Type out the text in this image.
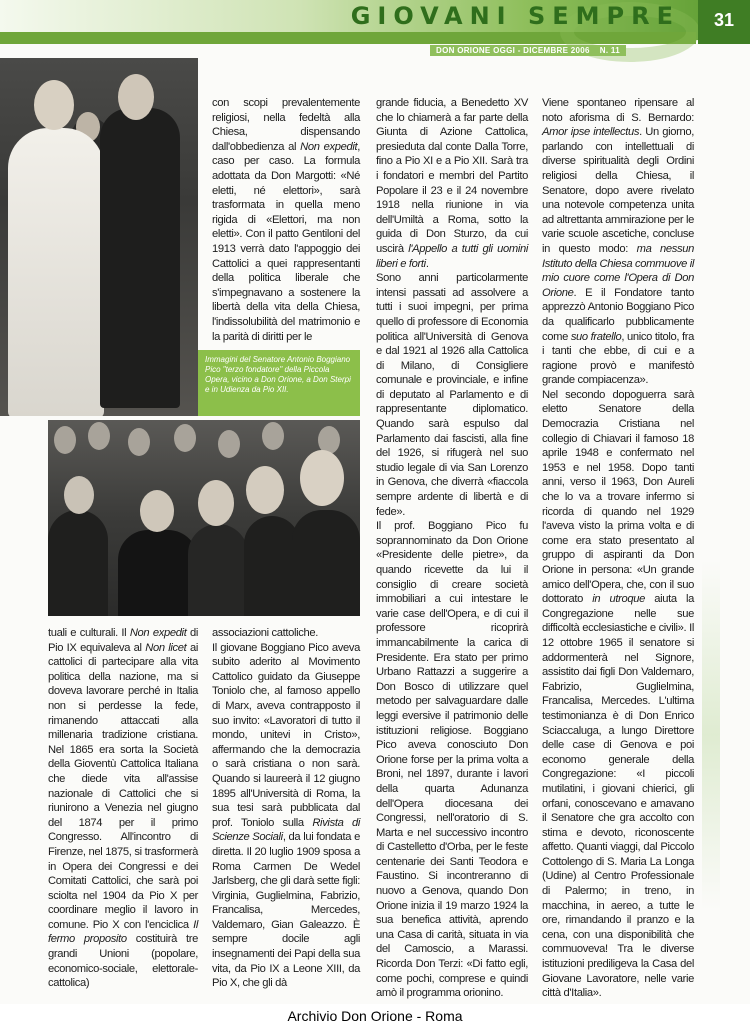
GIOVANI SEMPRE	31
DON ORIONE OGGI - DICEMBRE 2006 N. 11
Immagini del Senatore Antonio Boggiano Pico "terzo fondatore" della Piccola Opera, vicino a Don Orione, a Don Sterpi e in Udienza da Pio XII.

con scopi prevalentemente religiosi, nella fedeltà alla Chiesa, dispensando dall'obbedienza al Non expedit, caso per caso. La formula adottata da Don Margotti: «Né eletti, né elettori», sarà trasformata in quella meno rigida di «Elettori, ma non eletti». Con il patto Gentiloni del 1913 verrà dato l'appoggio dei Cattolici a quei rappresentanti della politica liberale che s'impegnavano a sostenere la libertà della vita della Chiesa, l'indissolubilità del matrimonio e la parità di diritti per le

tuali e culturali. Il Non expedit di Pio IX equivaleva al Non licet ai cattolici di partecipare alla vita politica della nazione, ma si doveva lavorare perché in Italia non si perdesse la fede, rimanendo attaccati alla millenaria tradizione cristiana. Nel 1865 era sorta la Società della Gioventù Cattolica Italiana che diede vita all'assise nazionale di Cattolici che si riunirono a Venezia nel giugno del 1874 per il primo Congresso. All'incontro di Firenze, nel 1875, si trasformerà in Opera dei Congressi e dei Comitati Cattolici, che sarà poi sciolta nel 1904 da Pio X per coordinare meglio il lavoro in comune. Pio X con l'enciclica Il fermo proposito costituirà tre grandi Unioni (popolare, economico-sociale, elettorale-cattolica)

associazioni cattoliche.

Il giovane Boggiano Pico aveva subito aderito al Movimento Cattolico guidato da Giuseppe Toniolo che, al famoso appello di Marx, aveva contrapposto il suo invito: «Lavoratori di tutto il mondo, unitevi in Cristo», affermando che la democrazia o sarà cristiana o non sarà. Quando si laureerà il 12 giugno 1895 all'Università di Roma, la sua tesi sarà pubblicata dal prof. Toniolo sulla Rivista di Scienze Sociali, da lui fondata e diretta. Il 20 luglio 1909 sposa a Roma Carmen De Wedel Jarlsberg, che gli darà sette figli: Virginia, Guglielmina, Fabrizio, Francalisa, Mercedes, Valdemaro, Gian Galeazzo. È sempre docile agli insegnamenti dei Papi della sua vita, da Pio IX a Leone XIII, da Pio X, che gli dà

grande fiducia, a Benedetto XV che lo chiamerà a far parte della Giunta di Azione Cattolica, presieduta dal conte Dalla Torre, fino a Pio XI e a Pio XII. Sarà tra i fondatori e membri del Partito Popolare il 23 e il 24 novembre 1918 nella riunione in via dell'Umiltà a Roma, sotto la guida di Don Sturzo, da cui uscirà l'Appello a tutti gli uomini liberi e forti.

Sono anni particolarmente intensi passati ad assolvere a tutti i suoi impegni, per prima quello di professore di Economia politica all'Università di Genova e dal 1921 al 1926 alla Cattolica di Milano, di Consigliere comunale e provinciale, e infine di deputato al Parlamento e di rappresentante diplomatico. Quando sarà espulso dal Parlamento dai fascisti, alla fine del 1926, si rifugerà nel suo studio legale di via San Lorenzo in Genova, che diverrà «fiaccola sempre ardente di libertà e di fede».

Il prof. Boggiano Pico fu soprannominato da Don Orione «Presidente delle pietre», da quando ricevette da lui il consiglio di creare società immobiliari a cui intestare le varie case dell'Opera, e di cui il professore ricoprirà immancabilmente la carica di Presidente. Era stato per primo Urbano Rattazzi a suggerire a Don Bosco di utilizzare quel metodo per salvaguardare dalle leggi eversive il patrimonio delle istituzioni religiose. Boggiano Pico aveva conosciuto Don Orione forse per la prima volta a Broni, nel 1897, durante i lavori della quarta Adunanza dell'Opera diocesana dei Congressi, nell'oratorio di S. Marta e nel successivo incontro di Castelletto d'Orba, per le feste centenarie dei Santi Teodora e Faustino. Si incontreranno di nuovo a Genova, quando Don Orione inizia il 19 marzo 1924 la sua benefica attività, aprendo una Casa di carità, situata in via del Camoscio, a Marassi. Ricorda Don Terzi: «Di fatto egli, come pochi, comprese e quindi amò il programma orionino.

Viene spontaneo ripensare al noto aforisma di S. Bernardo: Amor ipse intellectus. Un giorno, parlando con intellettuali di diverse spiritualità degli Ordini religiosi della Chiesa, il Senatore, dopo avere rivelato una notevole competenza unita ad altrettanta ammirazione per le varie scuole ascetiche, concluse in questo modo: ma nessun Istituto della Chiesa commuove il mio cuore come l'Opera di Don Orione. E il Fondatore tanto apprezzò Antonio Boggiano Pico da qualificarlo pubblicamente come suo fratello, unico titolo, fra i tanti che ebbe, di cui e a ragione provò e manifestò grande compiacenza».

Nel secondo dopoguerra sarà eletto Senatore della Democrazia Cristiana nel collegio di Chiavari il famoso 18 aprile 1948 e confermato nel 1953 e nel 1958. Dopo tanti anni, verso il 1963, Don Aureli che lo va a trovare infermo si ricorda di quando nel 1929 l'aveva visto la prima volta e di come era stato presentato al gruppo di aspiranti da Don Orione in persona: «Un grande amico dell'Opera, che, con il suo dottorato in utroque aiuta la Congregazione nelle sue difficoltà ecclesiastiche e civili». Il 12 ottobre 1965 il senatore si addormenterà nel Signore, assistito dai figli Don Valdemaro, Fabrizio, Guglielmina, Francalisa, Mercedes. L'ultima testimonianza è di Don Enrico Sciaccaluga, a lungo Direttore delle case di Genova e poi economo generale della Congregazione: «I piccoli mutilatini, i giovani chierici, gli orfani, conoscevano e amavano il Senatore che gra accolto con stima e devoto, riconoscente affetto. Quanti viaggi, dal Piccolo Cottolengo di S. Maria La Longa (Udine) al Centro Professionale di Palermo; in treno, in macchina, in aereo, a tutte le ore, rimandando il pranzo e la cena, con una disponibilità che commuoveva! Tra le diverse istituzioni prediligeva la Casa del Giovane Lavoratore, nelle varie città d'Italia».

Archivio Don Orione - Roma
